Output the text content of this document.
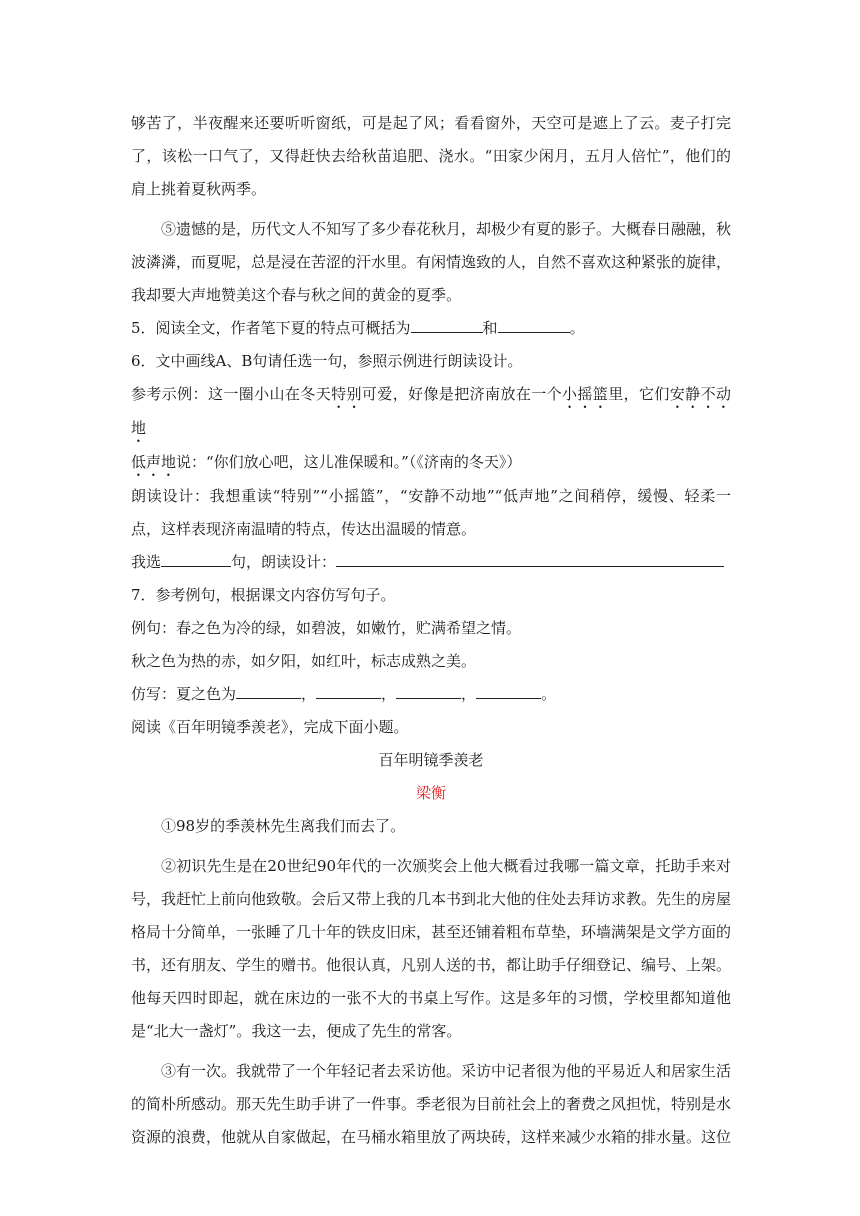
够苦了，半夜醒来还要听听窗纸，可是起了风；看看窗外，天空可是遮上了云。麦子打完了，该松一口气了，又得赶快去给秋苗追肥、浇水。“田家少闲月，五月人倍忙”，他们的肩上挑着夏秋两季。

⑤遗憾的是，历代文人不知写了多少春花秋月，却极少有夏的影子。大概春日融融，秋波潾潾，而夏呢，总是浸在苦涩的汗水里。有闲情逸致的人，自然不喜欢这种紧张的旋律，我却要大声地赞美这个春与秋之间的黄金的夏季。

5．阅读全文，作者笔下夏的特点可概括为	和	。

6．文中画线A、B句请任选一句，参照示例进行朗读设计。

参考示例：这一圈小山在冬天特别可爱，好像是把济南放在一个小摇篮里，它们安静不动地
低声地说：“你们放心吧，这儿准保暖和。”（《济南的冬天》）

朗读设计：我想重读“特别”“小摇篮”，“安静不动地”“低声地”之间稍停，缓慢、轻柔一点，这样表现济南温晴的特点，传达出温暖的情意。

我选	句，朗读设计：

7．参考例句，根据课文内容仿写句子。

例句：春之色为冷的绿，如碧波，如嫩竹，贮满希望之情。

秋之色为热的赤，如夕阳，如红叶，标志成熟之美。

仿写：夏之色为	，	，	，	。

阅读《百年明镜季羡老》，完成下面小题。

百年明镜季羡老

梁衡

①98岁的季羡林先生离我们而去了。

②初识先生是在20世纪90年代的一次颁奖会上他大概看过我哪一篇文章，托助手来对号，我赶忙上前向他致敬。会后又带上我的几本书到北大他的住处去拜访求教。先生的房屋格局十分简单，一张睡了几十年的铁皮旧床，甚至还铺着粗布草垫，环墙满架是文学方面的书，还有朋友、学生的赠书。他很认真，凡别人送的书，都让助手仔细登记、编号、上架。他每天四时即起，就在床边的一张不大的书桌上写作。这是多年的习惯，学校里都知道他是“北大一盏灯”。我这一去，便成了先生的常客。

③有一次。我就带了一个年轻记者去采访他。采访中记者很为他的平易近人和居家生活的简朴所感动。那天先生助手讲了一件事。季老很为目前社会上的奢费之风担忧，特别是水资源的浪费，他就从自家做起，在马桶水箱里放了两块砖，这样来减少水箱的排水量。这位
